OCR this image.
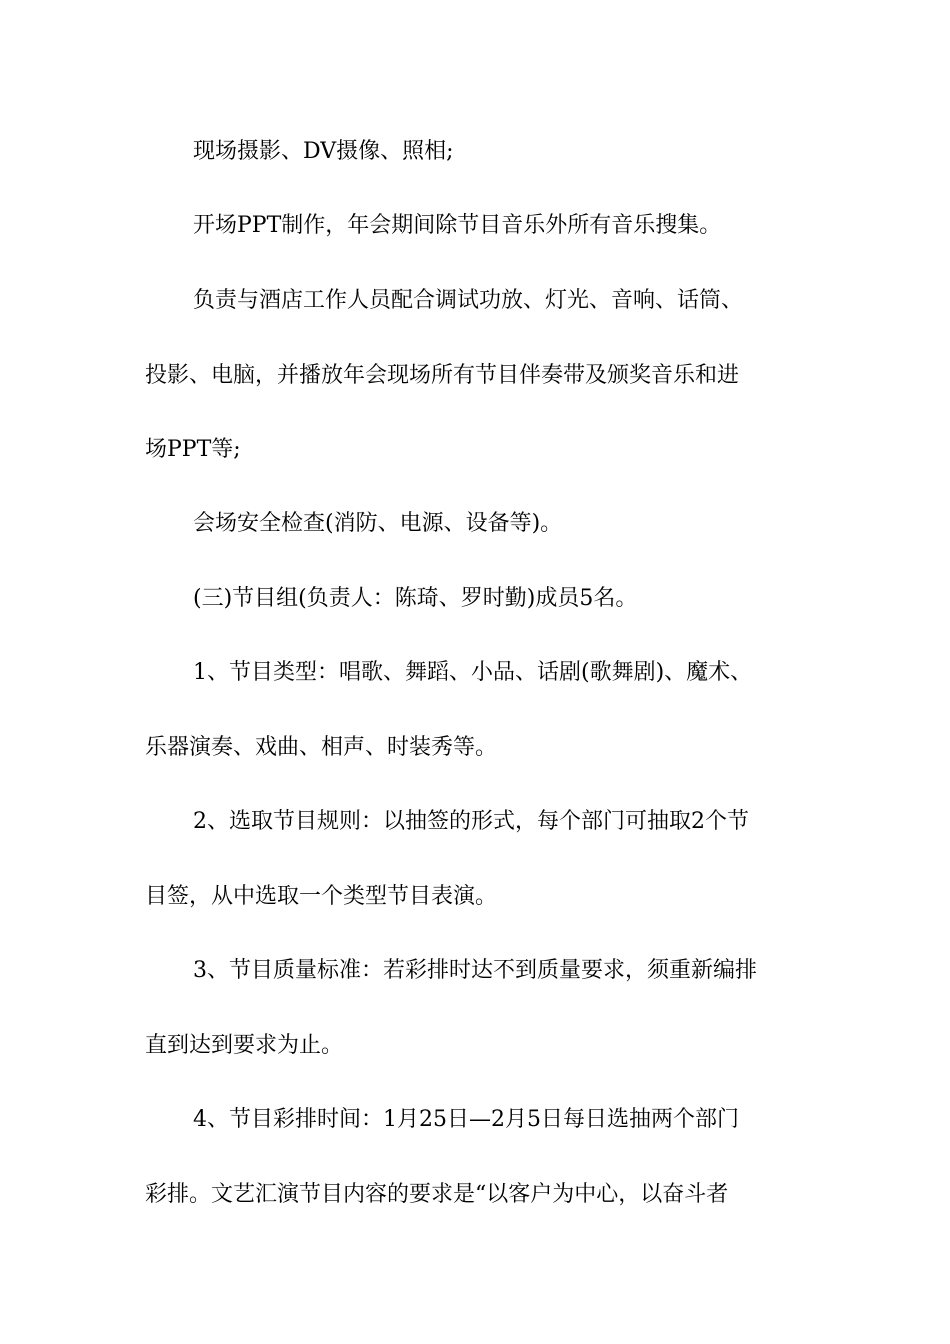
现场摄影、DV摄像、照相;
开场PPT制作，年会期间除节目音乐外所有音乐搜集。
负责与酒店工作人员配合调试功放、灯光、音响、话筒、
投影、电脑，并播放年会现场所有节目伴奏带及颁奖音乐和进
场PPT等;
会场安全检查(消防、电源、设备等)。
(三)节目组(负责人：陈琦、罗时勤)成员5名。
1、节目类型：唱歌、舞蹈、小品、话剧(歌舞剧)、魔术、
乐器演奏、戏曲、相声、时装秀等。
2、选取节目规则：以抽签的形式，每个部门可抽取2个节
目签，从中选取一个类型节目表演。
3、节目质量标准：若彩排时达不到质量要求，须重新编排
直到达到要求为止。
4、节目彩排时间：1月25日—2月5日每日选抽两个部门
彩排。文艺汇演节目内容的要求是“以客户为中心，以奋斗者
